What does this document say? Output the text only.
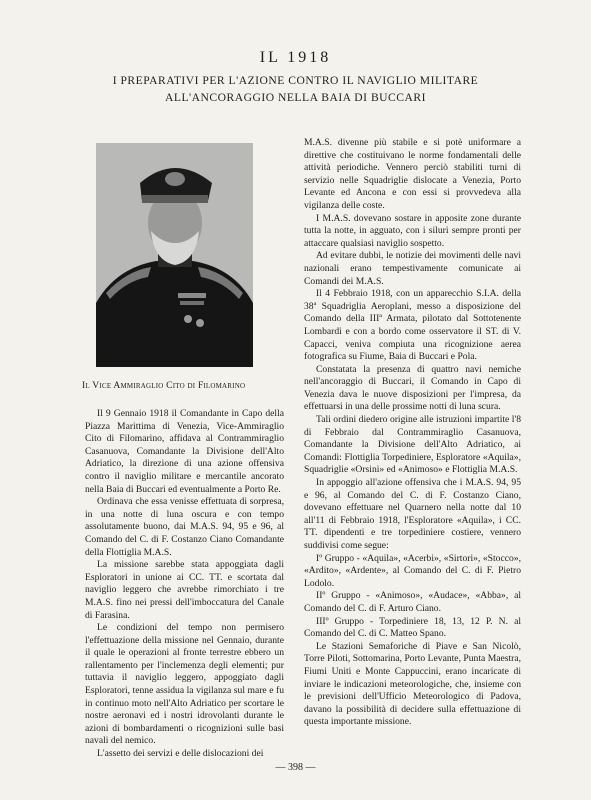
IL 1918

I PREPARATIVI PER L'AZIONE CONTRO IL NAVIGLIO MILITARE

ALL'ANCORAGGIO NELLA BAIA DI BUCCARI

Il Vice Ammiraglio Cito di Filomarino

Il 9 Gennaio 1918 il Comandante in Capo della Piazza Marittima di Venezia, Vice-Ammiraglio Cito di Filomarino, affidava al Contrammiraglio Casanuova, Comandante la Divisione dell'Alto Adriatico, la direzione di una azione offensiva contro il naviglio militare e mercantile ancorato nella Baia di Buccari ed eventualmente a Porto Re.

Ordinava che essa venisse effettuata di sorpresa, in una notte di luna oscura e con tempo assolutamente buono, dai M.A.S. 94, 95 e 96, al Comando del C. di F. Costanzo Ciano Comandante della Flottiglia M.A.S.

La missione sarebbe stata appoggiata dagli Esploratori in unione ai CC. TT. e scortata dal naviglio leggero che avrebbe rimorchiato i tre M.A.S. fino nei pressi dell'imboccatura del Canale di Farasina.

Le condizioni del tempo non permisero l'effettuazione della missione nel Gennaio, durante il quale le operazioni al fronte terrestre ebbero un rallentamento per l'inclemenza degli elementi; pur tuttavia il naviglio leggero, appoggiato dagli Esploratori, tenne assidua la vigilanza sul mare e fu in continuo moto nell'Alto Adriatico per scortare le nostre aeronavi ed i nostri idrovolanti durante le azioni di bombardamenti o ricognizioni sulle basi navali del nemico.

L'assetto dei servizi e delle dislocazioni dei

M.A.S. divenne più stabile e si potè uniformare a direttive che costituivano le norme fondamentali delle attività periodiche. Vennero perciò stabiliti turni di servizio nelle Squadriglie dislocate a Venezia, Porto Levante ed Ancona e con essi si provvedeva alla vigilanza delle coste.

I M.A.S. dovevano sostare in apposite zone durante tutta la notte, in agguato, con i siluri sempre pronti per attaccare qualsiasi naviglio sospetto.

Ad evitare dubbi, le notizie dei movimenti delle navi nazionali erano tempestivamente comunicate ai Comandi dei M.A.S.

Il 4 Febbraio 1918, con un apparecchio S.I.A. della 38ª Squadriglia Aeroplani, messo a disposizione del Comando della IIIª Armata, pilotato dal Sottotenente Lombardi e con a bordo come osservatore il ST. di V. Capacci, veniva compiuta una ricognizione aerea fotografica su Fiume, Baia di Buccari e Pola.

Constatata la presenza di quattro navi nemiche nell'ancoraggio di Buccari, il Comando in Capo di Venezia dava le nuove disposizioni per l'impresa, da effettuarsi in una delle prossime notti di luna scura.

Tali ordini diedero origine alle istruzioni impartite l'8 di Febbraio dal Contrammiraglio Casanuova, Comandante la Divisione dell'Alto Adriatico, ai Comandi: Flottiglia Torpediniere, Esploratore «Aquila», Squadriglie «Orsini» ed «Animoso» e Flottiglia M.A.S.

In appoggio all'azione offensiva che i M.A.S. 94, 95 e 96, al Comando del C. di F. Costanzo Ciano, dovevano effettuare nel Quarnero nella notte dal 10 all'11 di Febbraio 1918, l'Esploratore «Aquila», i CC. TT. dipendenti e tre torpediniere costiere, vennero suddivisi come segue:

Iº Gruppo - «Aquila», «Acerbi», «Sirtori», «Stocco», «Ardito», «Ardente», al Comando del C. di F. Pietro Lodolo.

IIº Gruppo - «Animoso», «Audace», «Abba», al Comando del C. di F. Arturo Ciano.

IIIº Gruppo - Torpediniere 18, 13, 12 P. N. al Comando del C. di C. Matteo Spano.

Le Stazioni Semaforiche di Piave e San Nicolò, Torre Piloti, Sottomarina, Porto Levante, Punta Maestra, Fiumi Uniti e Monte Cappuccini, erano incaricate di inviare le indicazioni meteorologiche, che, insieme con le previsioni dell'Ufficio Meteorologico di Padova, davano la possibilità di decidere sulla effettuazione di questa importante missione.

— 398 —
